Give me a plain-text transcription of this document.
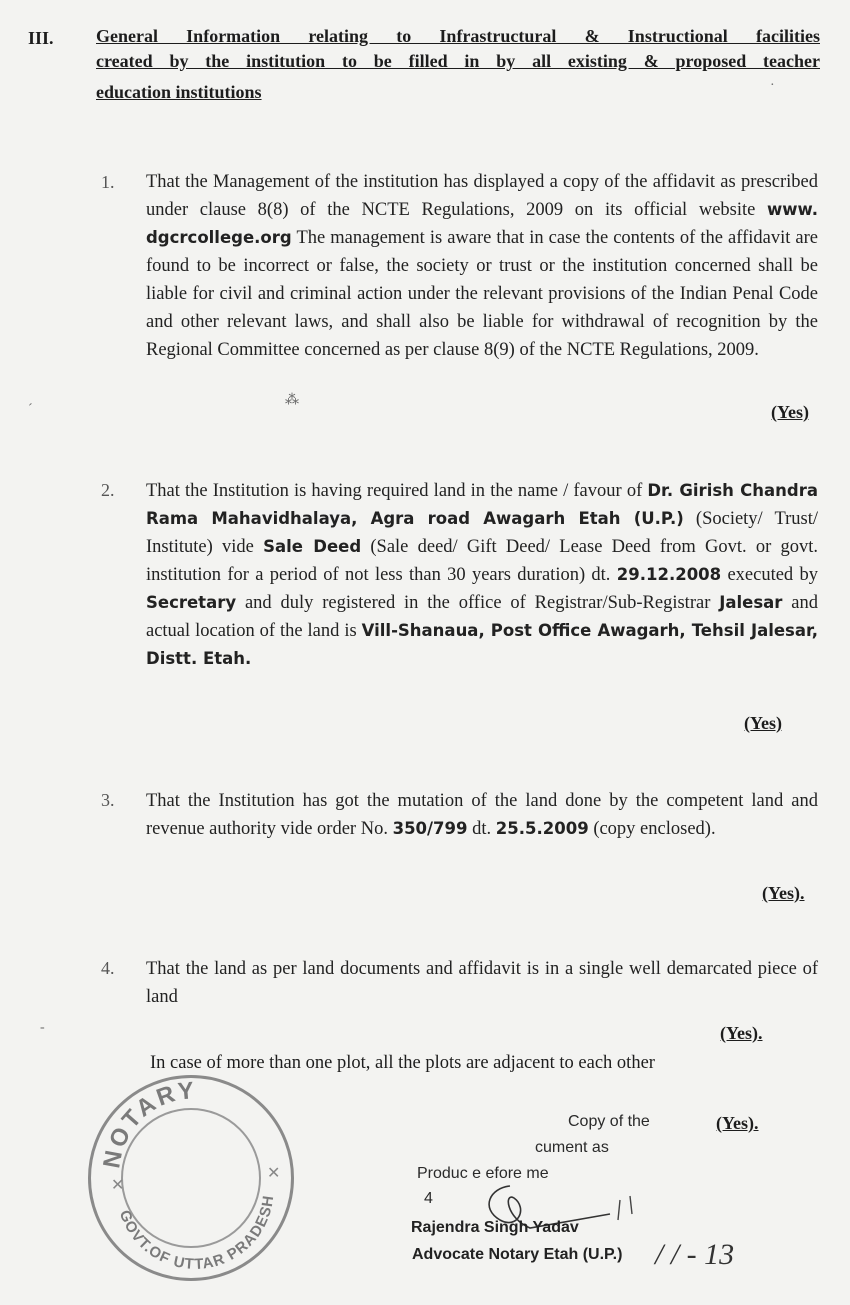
III. General Information relating to Infrastructural & Instructional facilities
created by the institution to be filled in by all existing & proposed teacher
education institutions
1. That the Management of the institution has displayed a copy of the affidavit as prescribed under clause 8(8) of the NCTE Regulations, 2009 on its official website www. dgcrcollege.org The management is aware that in case the contents of the affidavit are found to be incorrect or false, the society or trust or the institution concerned shall be liable for civil and criminal action under the relevant provisions of the Indian Penal Code and other relevant laws, and shall also be liable for withdrawal of recognition by the Regional Committee concerned as per clause 8(9) of the NCTE Regulations, 2009.
(Yes)
2. That the Institution is having required land in the name / favour of Dr. Girish Chandra Rama Mahavidhalaya, Agra road Awagarh Etah (U.P.) (Society/ Trust/ Institute) vide Sale Deed (Sale deed/ Gift Deed/ Lease Deed from Govt. or govt. institution for a period of not less than 30 years duration) dt. 29.12.2008 executed by Secretary and duly registered in the office of Registrar/Sub-Registrar Jalesar and actual location of the land is Vill-Shanaua, Post Office Awagarh, Tehsil Jalesar, Distt. Etah.
(Yes)
3. That the Institution has got the mutation of the land done by the competent land and revenue authority vide order No. 350/799 dt. 25.5.2009 (copy enclosed).
(Yes).
4. That the land as per land documents and affidavit is in a single well demarcated piece of land
(Yes).
In case of more than one plot, all the plots are adjacent to each other
NOTARY
GOVT.OF UTTAR PRADESH
✕
✕
Copy of the	(Yes).
cument as
Produc e efore me
4
Rajendra Singh Yadav
Advocate Notary Etah (U.P.) / / - 13
·
⁂
ˊ
‑
